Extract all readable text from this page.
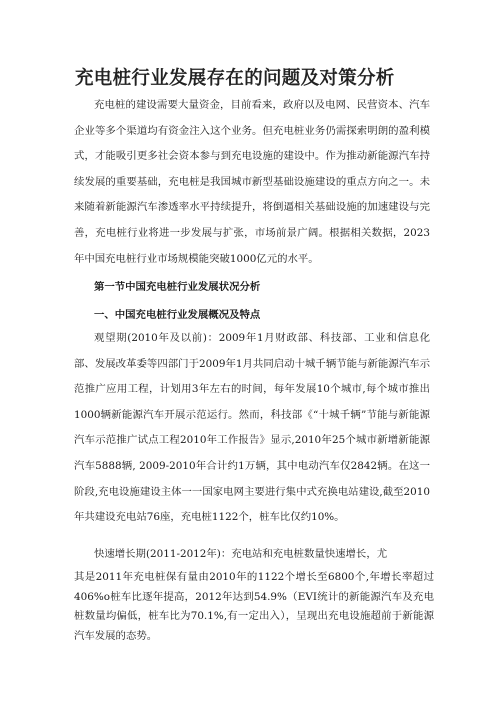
充电桩行业发展存在的问题及对策分析

充电桩的建设需要大量资金，目前看来，政府以及电网、民营资本、汽车企业等多个渠道均有资金注入这个业务。但充电桩业务仍需探索明朗的盈利模式，才能吸引更多社会资本参与到充电设施的建设中。作为推动新能源汽车持续发展的重要基础，充电桩是我国城市新型基础设施建设的重点方向之一。未来随着新能源汽车渗透率水平持续提升，将倒逼相关基础设施的加速建设与完善，充电桩行业将进一步发展与扩张，市场前景广阔。根据相关数据，2023年中国充电桩行业市场规模能突破1000亿元的水平。

第一节中国充电桩行业发展状况分析
一、中国充电桩行业发展概况及特点

观望期(2010年及以前)：2009年1月财政部、科技部、工业和信息化部、发展改革委等四部门于2009年1月共同启动十城千辆节能与新能源汽车示范推广应用工程，计划用3年左右的时间，每年发展10个城市,每个城市推出1000辆新能源汽车开展示范运行。然而，科技部《“十城千辆”节能与新能源汽车示范推广试点工程2010年工作报告》显示,2010年25个城市新增新能源汽车5888辆, 2009-2010年合计约1万辆，其中电动汽车仅2842辆。在这一阶段,充电设施建设主体一一国家电网主要进行集中式充换电站建设,截至2010年共建设充电站76座，充电桩1122个，桩车比仅约10%。

快速增长期(2011-2012年)：充电站和充电桩数量快速增长，尤

其是2011年充电桩保有量由2010年的1122个增长至6800个,年增长率超过406%o桩车比逐年提高，2012年达到54.9%（EVI统计的新能源汽车及充电桩数量均偏低，桩车比为70.1%,有一定出入），呈现出充电设施超前于新能源汽车发展的态势。
